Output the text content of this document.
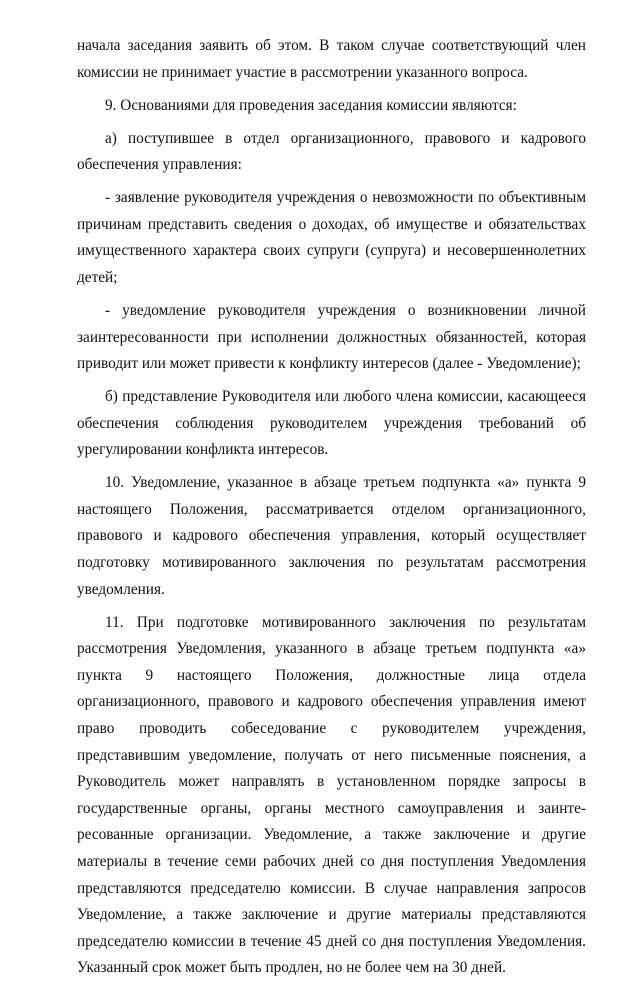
начала заседания заявить об этом. В таком случае соответствующий член комиссии не принимает участие в рассмотрении указанного вопроса.

9. Основаниями для проведения заседания комиссии являются:

а) поступившее в отдел организационного, правового и кадрового обеспечения управления:

- заявление руководителя учреждения о невозможности по объективным причинам представить сведения о доходах, об имуществе и обязательствах имущественного характера своих супруги (супруга) и несовершеннолетних детей;

- уведомление руководителя учреждения о возникновении личной заинтересованности при исполнении должностных обязанностей, которая приводит или может привести к конфликту интересов (далее - Уведомление);

б) представление Руководителя или любого члена комиссии, касающееся обеспечения соблюдения руководителем учреждения требований об урегулировании конфликта интересов.

10. Уведомление, указанное в абзаце третьем подпункта «а» пункта 9 настоящего Положения, рассматривается отделом организационного, правового и кадрового обеспечения управления, который осуществляет подготовку мотивированного заключения по результатам рассмотрения уведомления.

11. При подготовке мотивированного заключения по результатам рассмотрения Уведомления, указанного в абзаце третьем подпункта «а» пункта 9 настоящего Положения, должностные лица отдела организационного, правового и кадрового обеспечения управления имеют право проводить собеседование с руководителем учреждения, представившим уведомление, получать от него письменные пояснения, а Руководитель может направлять в установленном порядке запросы в государственные органы, органы местного самоуправления и заинтересованные организации. Уведомление, а также заключение и другие материалы в течение семи рабочих дней со дня поступления Уведомления представляются председателю комиссии. В случае направления запросов Уведомление, а также заключение и другие материалы представляются председателю комиссии в течение 45 дней со дня поступления Уведомления. Указанный срок может быть продлен, но не более чем на 30 дней.
